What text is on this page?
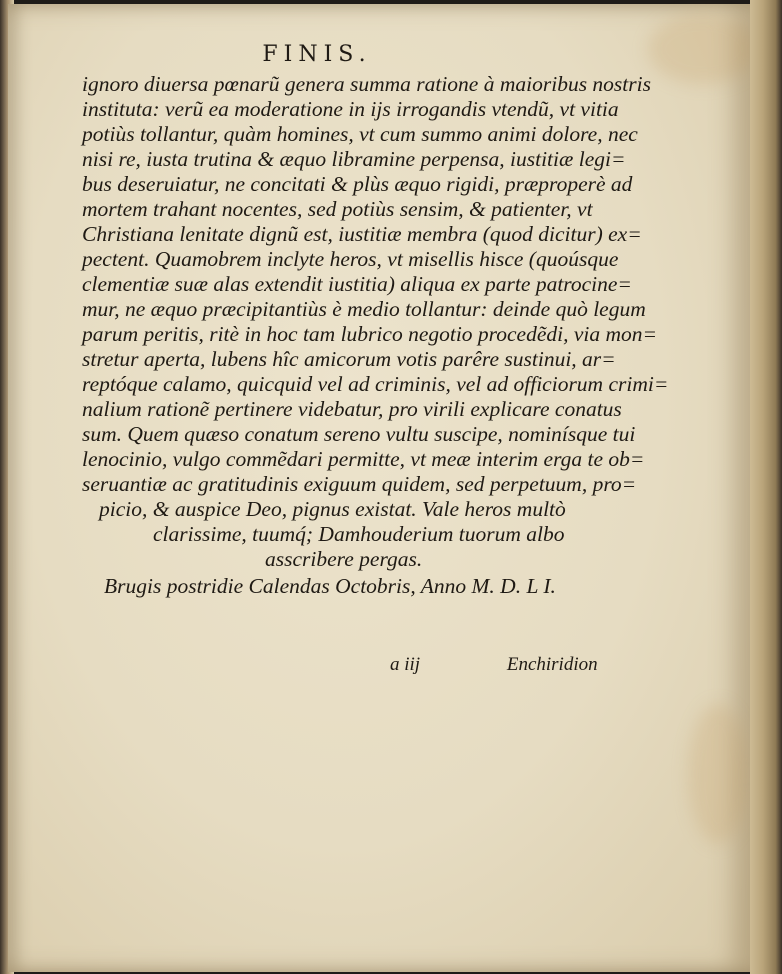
FINIS.
ignoro diuersa pœnarũ genera summa ratione à maioribus nostris
instituta: verũ ea moderatione in ijs irrogandis vtendũ, vt vitia
potiùs tollantur, quàm homines, vt cum summo animi dolore, nec
nisi re, iusta trutina & æquo libramine perpensa, iustitiæ legi=
bus deseruiatur, ne concitati & plùs æquo rigidi, præproperè ad
mortem trahant nocentes, sed potiùs sensim, & patienter, vt
Christiana lenitate dignũ est, iustitiæ membra (quod dicitur) ex=
pectent. Quamobrem inclyte heros, vt misellis hisce (quoúsque
clementiæ suæ alas extendit iustitia) aliqua ex parte patrocine=
mur, ne æquo præcipitantiùs è medio tollantur: deinde quò legum
parum peritis, ritè in hoc tam lubrico negotio procedẽdi, via mon=
stretur aperta, lubens hîc amicorum votis parêre sustinui, ar=
reptóque calamo, quicquid vel ad criminis, vel ad officiorum crimi=
nalium rationẽ pertinere videbatur, pro virili explicare conatus
sum. Quem quæso conatum sereno vultu suscipe, nominísque tui
lenocinio, vulgo commẽdari permitte, vt meæ interim erga te ob=
seruantiæ ac gratitudinis exiguum quidem, sed perpetuum, pro=
picio, & auspice Deo, pignus existat. Vale heros multò
clarissime, tuumq́; Damhouderium tuorum albo
asscribere pergas.
Brugis postridie Calendas Octobris, Anno M. D. L I.
a iij	Enchiridion
